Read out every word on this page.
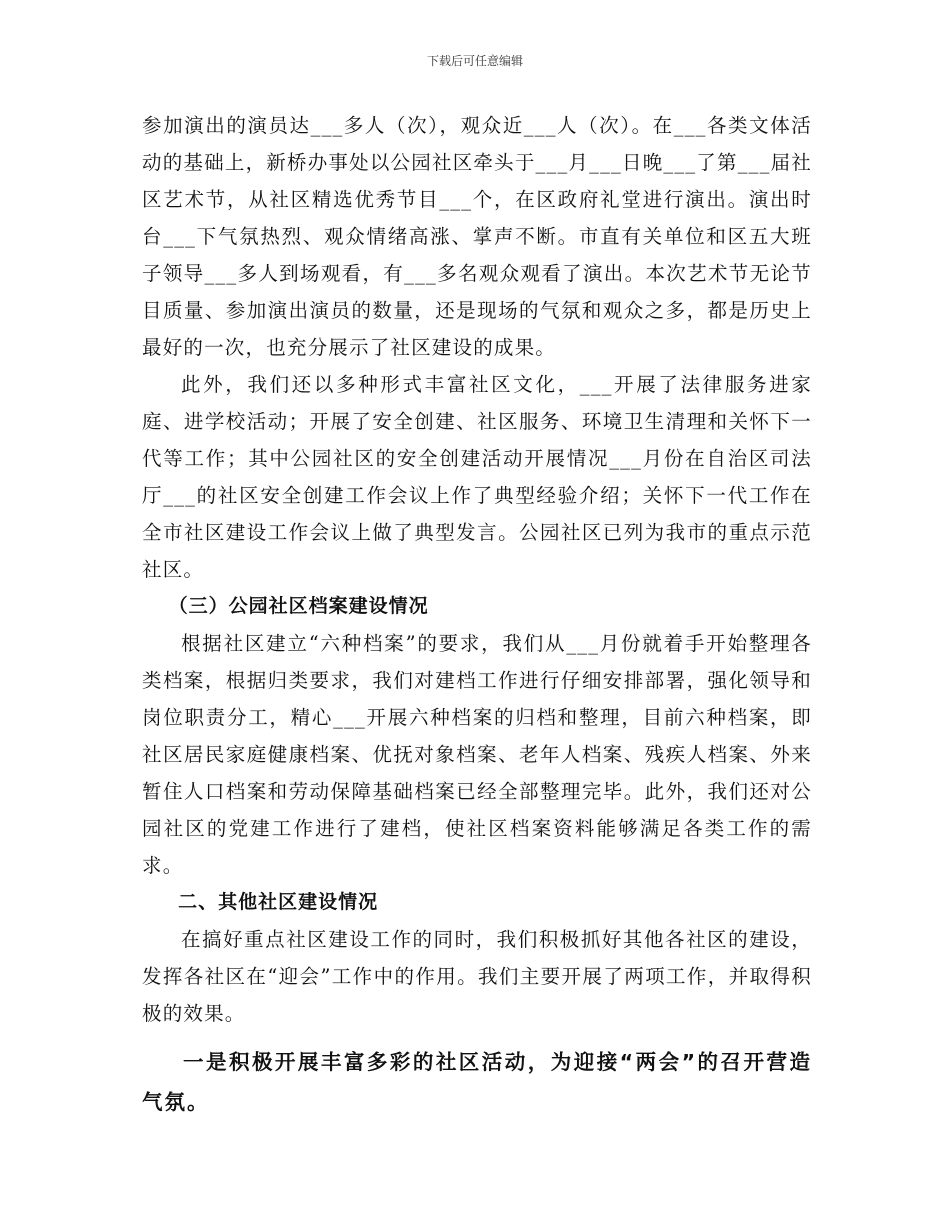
下载后可任意编辑

参加演出的演员达___多人（次），观众近___人（次）。在___各类文体活动的基础上，新桥办事处以公园社区牵头于___月___日晚___了第___届社区艺术节，从社区精选优秀节目___个，在区政府礼堂进行演出。演出时台___下气氛热烈、观众情绪高涨、掌声不断。市直有关单位和区五大班子领导___多人到场观看，有___多名观众观看了演出。本次艺术节无论节目质量、参加演出演员的数量，还是现场的气氛和观众之多，都是历史上最好的一次，也充分展示了社区建设的成果。

此外，我们还以多种形式丰富社区文化，___开展了法律服务进家庭、进学校活动；开展了安全创建、社区服务、环境卫生清理和关怀下一代等工作；其中公园社区的安全创建活动开展情况___月份在自治区司法厅___的社区安全创建工作会议上作了典型经验介绍；关怀下一代工作在全市社区建设工作会议上做了典型发言。公园社区已列为我市的重点示范社区。

（三）公园社区档案建设情况

根据社区建立“六种档案”的要求，我们从___月份就着手开始整理各类档案，根据归类要求，我们对建档工作进行仔细安排部署，强化领导和岗位职责分工，精心___开展六种档案的归档和整理，目前六种档案，即社区居民家庭健康档案、优抚对象档案、老年人档案、残疾人档案、外来暂住人口档案和劳动保障基础档案已经全部整理完毕。此外，我们还对公园社区的党建工作进行了建档，使社区档案资料能够满足各类工作的需求。

二、其他社区建设情况

在搞好重点社区建设工作的同时，我们积极抓好其他各社区的建设，发挥各社区在“迎会”工作中的作用。我们主要开展了两项工作，并取得积极的效果。

一是积极开展丰富多彩的社区活动，为迎接“两会”的召开营造气氛。
